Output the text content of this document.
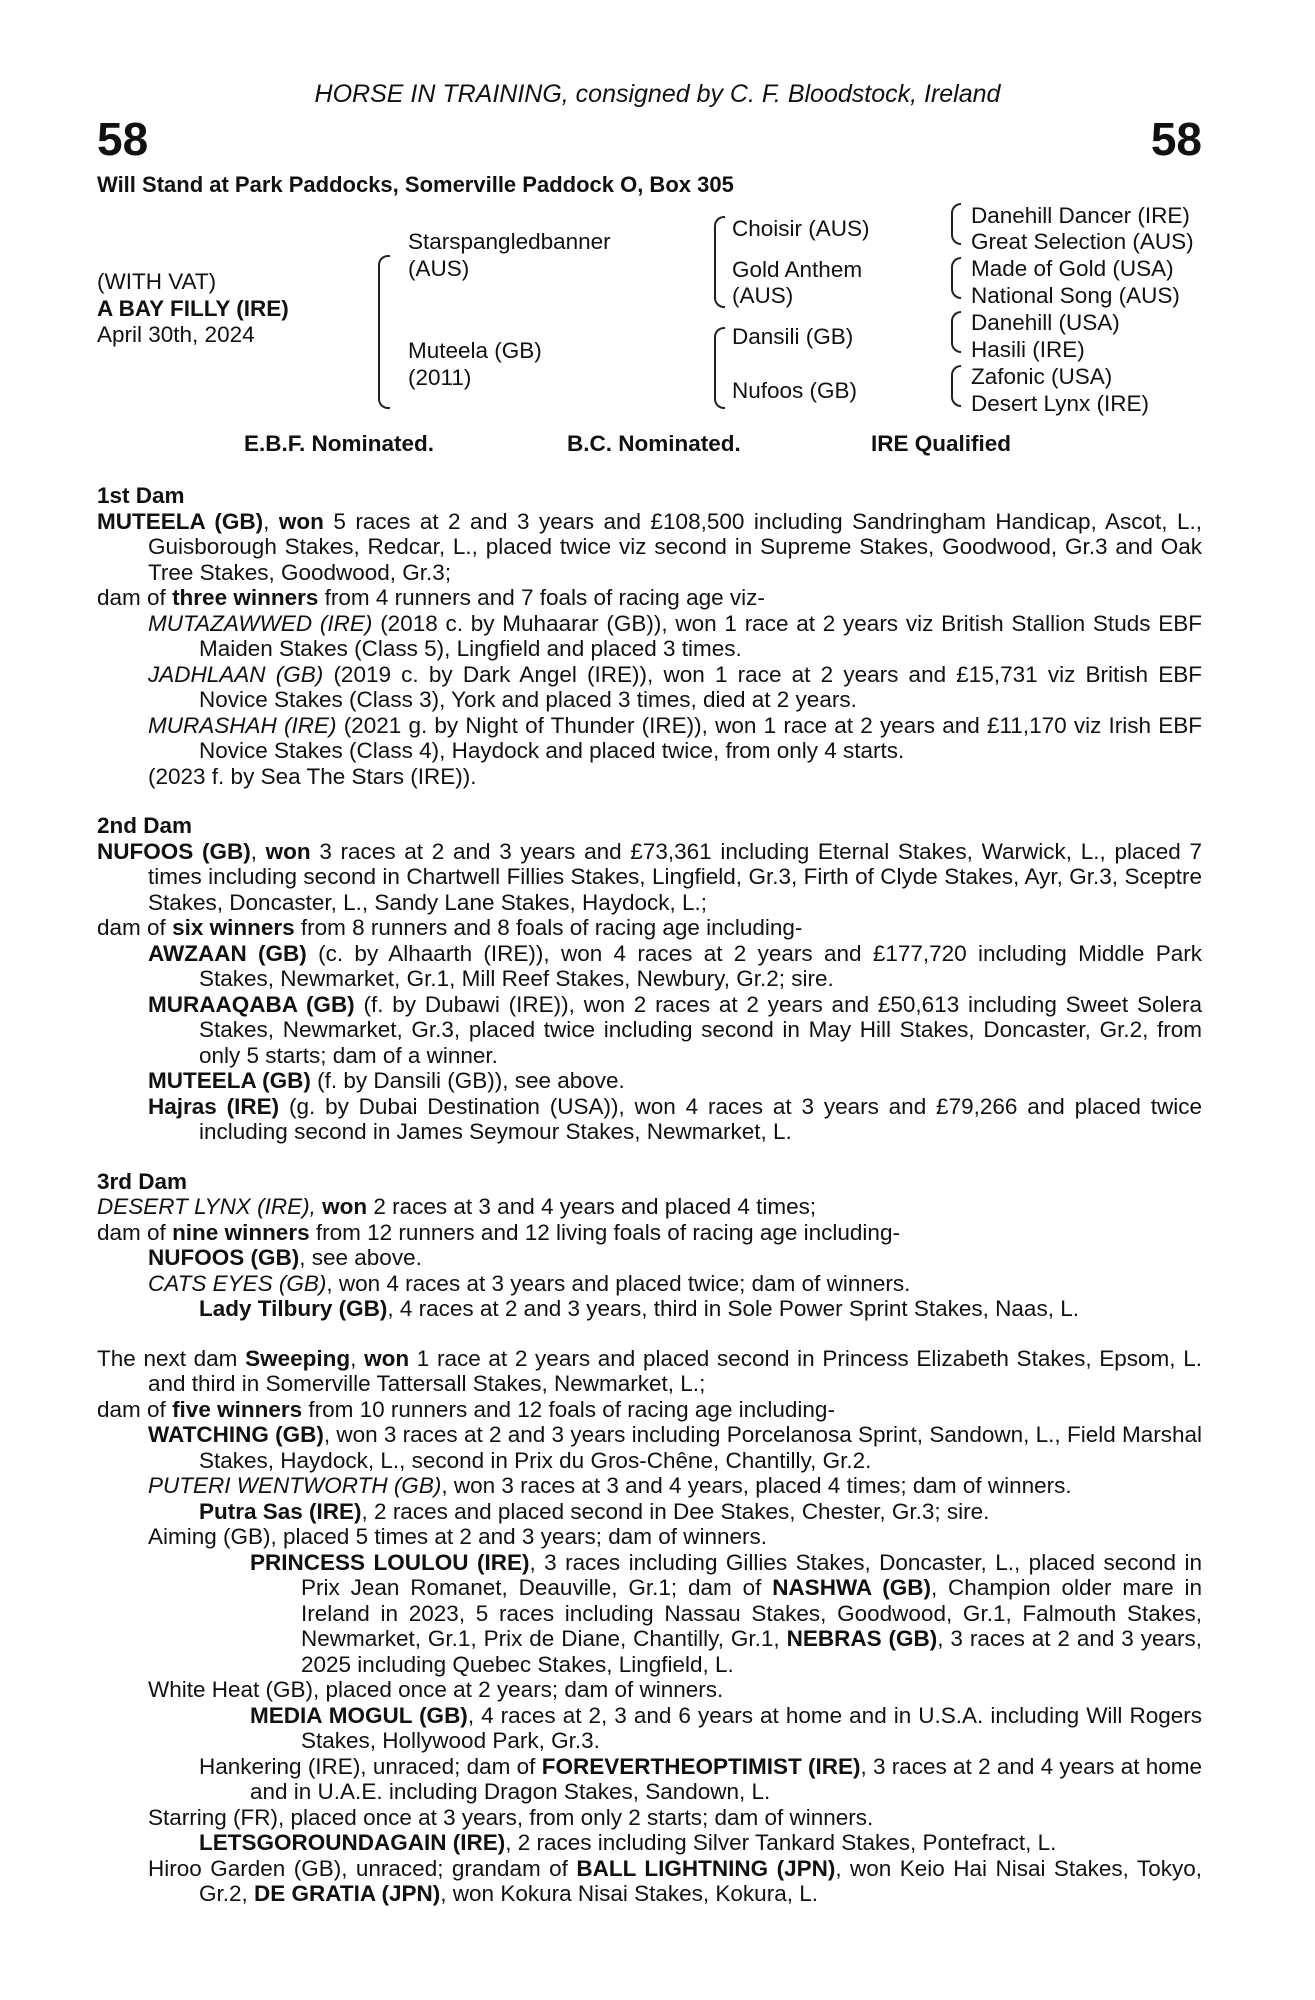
HORSE IN TRAINING, consigned by C. F. Bloodstock, Ireland
58	58
Will Stand at Park Paddocks, Somerville Paddock O, Box 305
(WITH VAT)
A BAY FILLY (IRE)
April 30th, 2024
Starspangledbanner
(AUS)
Muteela (GB)
(2011)
Choisir (AUS)
Gold Anthem
(AUS)
Dansili (GB)
Nufoos (GB)
Danehill Dancer (IRE)
Great Selection (AUS)
Made of Gold (USA)
National Song (AUS)
Danehill (USA)
Hasili (IRE)
Zafonic (USA)
Desert Lynx (IRE)
E.B.F. Nominated.	B.C. Nominated.	IRE Qualified
1st Dam
MUTEELA (GB), won 5 races at 2 and 3 years and £108,500 including Sandringham Handicap, Ascot, L., Guisborough Stakes, Redcar, L., placed twice viz second in Supreme Stakes, Goodwood, Gr.3 and Oak Tree Stakes, Goodwood, Gr.3;
dam of three winners from 4 runners and 7 foals of racing age viz-
MUTAZAWWED (IRE) (2018 c. by Muhaarar (GB)), won 1 race at 2 years viz British Stallion Studs EBF Maiden Stakes (Class 5), Lingfield and placed 3 times.
JADHLAAN (GB) (2019 c. by Dark Angel (IRE)), won 1 race at 2 years and £15,731 viz British EBF Novice Stakes (Class 3), York and placed 3 times, died at 2 years.
MURASHAH (IRE) (2021 g. by Night of Thunder (IRE)), won 1 race at 2 years and £11,170 viz Irish EBF Novice Stakes (Class 4), Haydock and placed twice, from only 4 starts.
(2023 f. by Sea The Stars (IRE)).
2nd Dam
NUFOOS (GB), won 3 races at 2 and 3 years and £73,361 including Eternal Stakes, Warwick, L., placed 7 times including second in Chartwell Fillies Stakes, Lingfield, Gr.3, Firth of Clyde Stakes, Ayr, Gr.3, Sceptre Stakes, Doncaster, L., Sandy Lane Stakes, Haydock, L.;
dam of six winners from 8 runners and 8 foals of racing age including-
AWZAAN (GB) (c. by Alhaarth (IRE)), won 4 races at 2 years and £177,720 including Middle Park Stakes, Newmarket, Gr.1, Mill Reef Stakes, Newbury, Gr.2; sire.
MURAAQABA (GB) (f. by Dubawi (IRE)), won 2 races at 2 years and £50,613 including Sweet Solera Stakes, Newmarket, Gr.3, placed twice including second in May Hill Stakes, Doncaster, Gr.2, from only 5 starts; dam of a winner.
MUTEELA (GB) (f. by Dansili (GB)), see above.
Hajras (IRE) (g. by Dubai Destination (USA)), won 4 races at 3 years and £79,266 and placed twice including second in James Seymour Stakes, Newmarket, L.
3rd Dam
DESERT LYNX (IRE), won 2 races at 3 and 4 years and placed 4 times;
dam of nine winners from 12 runners and 12 living foals of racing age including-
NUFOOS (GB), see above.
CATS EYES (GB), won 4 races at 3 years and placed twice; dam of winners.
Lady Tilbury (GB), 4 races at 2 and 3 years, third in Sole Power Sprint Stakes, Naas, L.
The next dam Sweeping, won 1 race at 2 years and placed second in Princess Elizabeth Stakes, Epsom, L. and third in Somerville Tattersall Stakes, Newmarket, L.;
dam of five winners from 10 runners and 12 foals of racing age including-
WATCHING (GB), won 3 races at 2 and 3 years including Porcelanosa Sprint, Sandown, L., Field Marshal Stakes, Haydock, L., second in Prix du Gros-Chêne, Chantilly, Gr.2.
PUTERI WENTWORTH (GB), won 3 races at 3 and 4 years, placed 4 times; dam of winners.
Putra Sas (IRE), 2 races and placed second in Dee Stakes, Chester, Gr.3; sire.
Aiming (GB), placed 5 times at 2 and 3 years; dam of winners.
PRINCESS LOULOU (IRE), 3 races including Gillies Stakes, Doncaster, L., placed second in Prix Jean Romanet, Deauville, Gr.1; dam of NASHWA (GB), Champion older mare in Ireland in 2023, 5 races including Nassau Stakes, Goodwood, Gr.1, Falmouth Stakes, Newmarket, Gr.1, Prix de Diane, Chantilly, Gr.1, NEBRAS (GB), 3 races at 2 and 3 years, 2025 including Quebec Stakes, Lingfield, L.
White Heat (GB), placed once at 2 years; dam of winners.
MEDIA MOGUL (GB), 4 races at 2, 3 and 6 years at home and in U.S.A. including Will Rogers Stakes, Hollywood Park, Gr.3.
Hankering (IRE), unraced; dam of FOREVERTHEOPTIMIST (IRE), 3 races at 2 and 4 years at home and in U.A.E. including Dragon Stakes, Sandown, L.
Starring (FR), placed once at 3 years, from only 2 starts; dam of winners.
LETSGOROUNDAGAIN (IRE), 2 races including Silver Tankard Stakes, Pontefract, L.
Hiroo Garden (GB), unraced; grandam of BALL LIGHTNING (JPN), won Keio Hai Nisai Stakes, Tokyo, Gr.2, DE GRATIA (JPN), won Kokura Nisai Stakes, Kokura, L.
